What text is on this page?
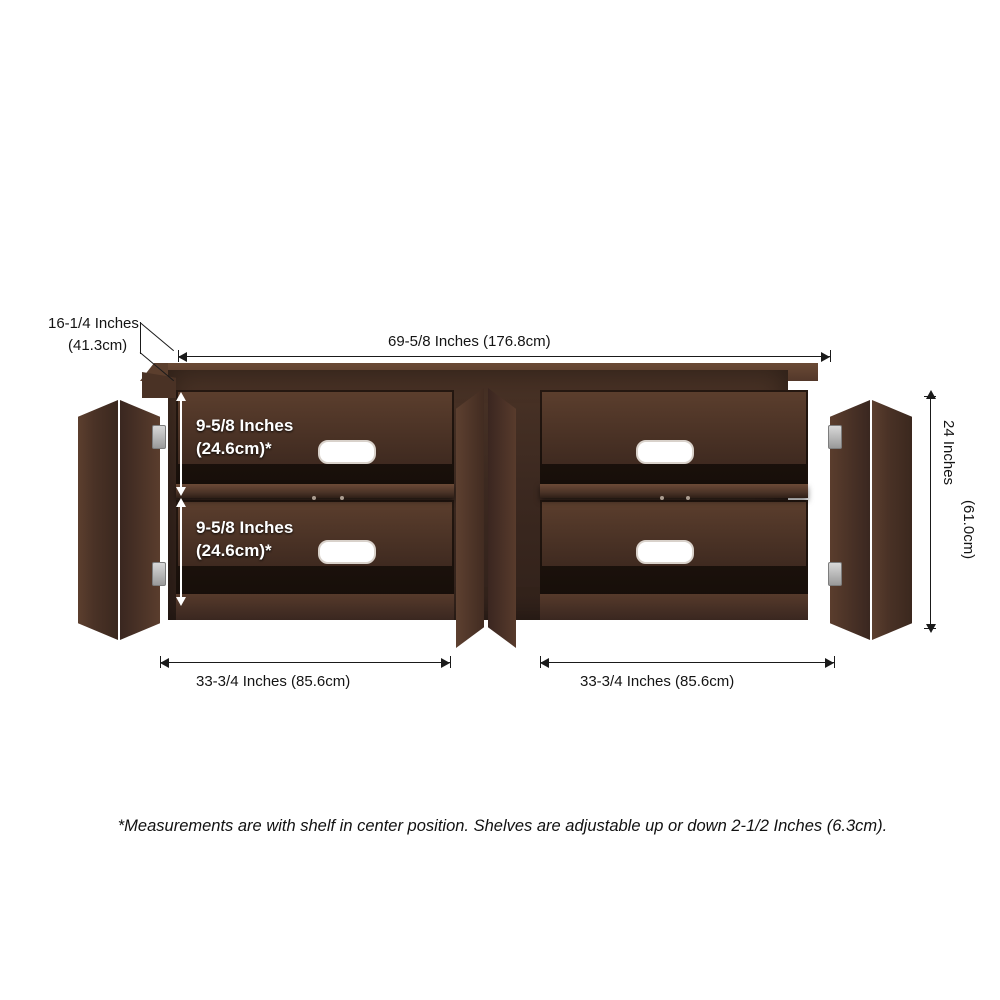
16-1/4 Inches
(41.3cm)	69-5/8 Inches (176.8cm)
9-5/8 Inches
(24.6cm)*
9-5/8 Inches
(24.6cm)*
24 Inches
(61.0cm)
33-3/4 Inches (85.6cm)	33-3/4 Inches (85.6cm)
*Measurements are with shelf in center position. Shelves are adjustable up or down 2-1/2 Inches (6.3cm).
